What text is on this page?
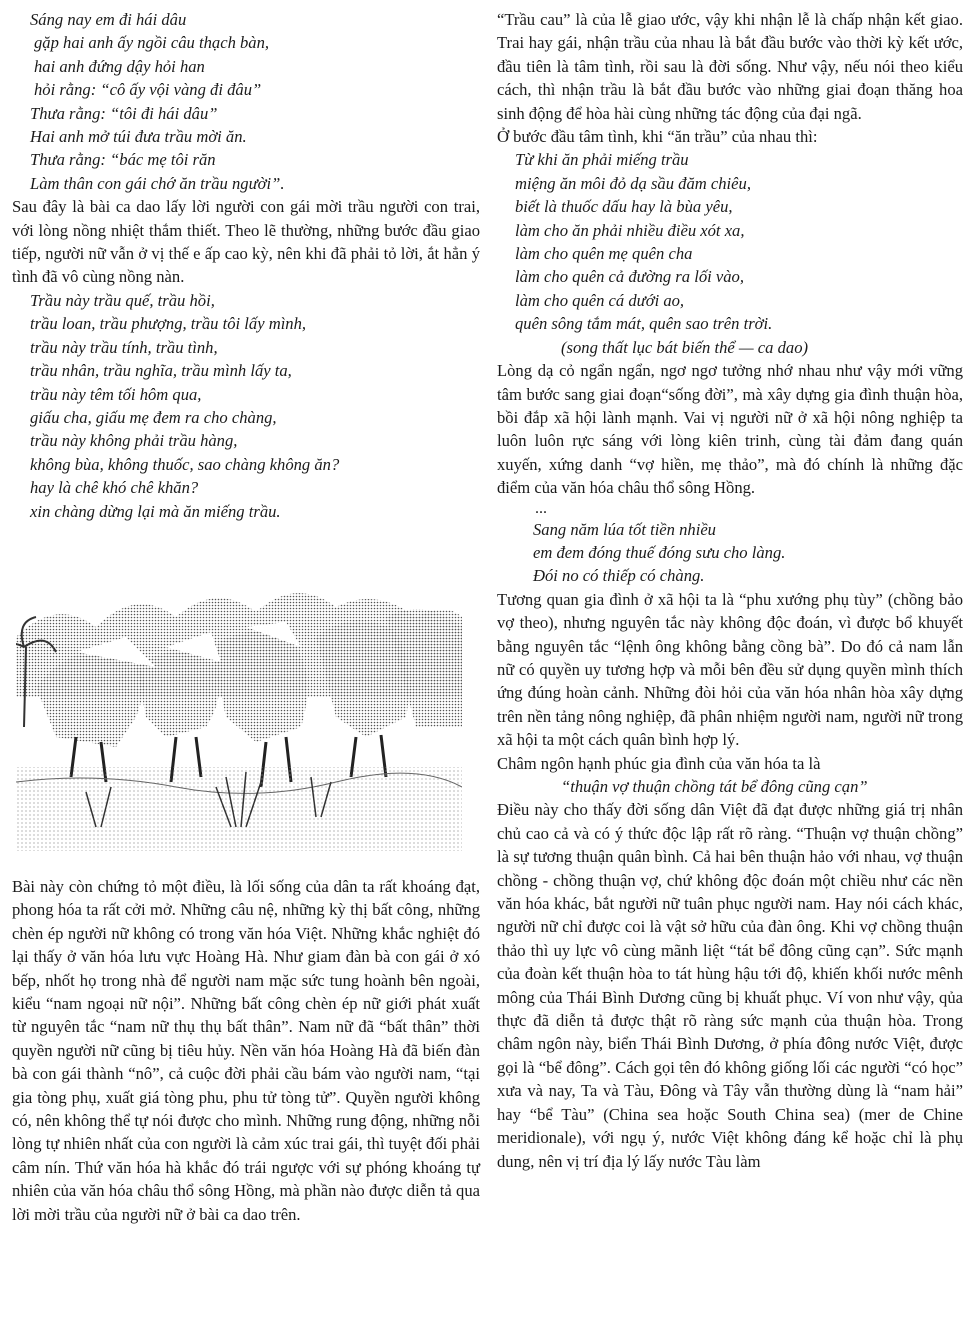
Sáng nay em đi hái dâu

gặp hai anh ấy ngồi câu thạch bàn,

hai anh đứng dậy hỏi han

hỏi rằng: “cô ấy vội vàng đi đâu”

Thưa rằng: “tôi đi hái dâu”

Hai anh mở túi đưa trầu mời ăn.

Thưa rằng: “bác mẹ tôi răn

Làm thân con gái chớ ăn trầu người”.

Sau đây là bài ca dao lấy lời người con gái mời trầu người con trai, với lòng nồng nhiệt thắm thiết. Theo lẽ thường, những bước đầu giao tiếp, người nữ vẫn ở vị thế e ấp cao kỳ, nên khi đã phải tỏ lời, ắt hẳn ý tình đã vô cùng nồng nàn.

Trầu này trầu quế, trầu hồi,

trầu loan, trầu phượng, trầu tôi lấy mình,

trầu này trầu tính, trầu tình,

trầu nhân, trầu nghĩa, trầu mình lấy ta,

trầu này têm tối hôm qua,

giấu cha, giấu mẹ đem ra cho chàng,

trầu này không phải trầu hàng,

không bùa, không thuốc, sao chàng không ăn?

hay là chê khó chê khăn?

xin chàng dừng lại mà ăn miếng trầu.

Bài này còn chứng tỏ một điều, là lối sống của dân ta rất khoáng đạt, phong hóa ta rất cởi mở. Những câu nệ, những kỳ thị bất công, những chèn ép người nữ không có trong văn hóa Việt. Những khắc nghiệt đó lại thấy ở văn hóa lưu vực Hoàng Hà. Như giam đàn bà con gái ở xó bếp, nhốt họ trong nhà để người nam mặc sức tung hoành bên ngoài, kiểu “nam ngoại nữ nội”. Những bất công chèn ép nữ giới phát xuất từ nguyên tắc “nam nữ thụ thụ bất thân”. Nam nữ đã “bất thân” thời quyền người nữ cũng bị tiêu hủy. Nền văn hóa Hoàng Hà đã biến đàn bà con gái thành “nô”, cả cuộc đời phải cầu bám vào người nam, “tại gia tòng phụ, xuất giá tòng phu, phu tử tòng tử”. Quyền người không có, nên không thể tự nói được cho mình. Những rung động, những nỗi lòng tự nhiên nhất của con người là cảm xúc trai gái, thì tuyệt đối phải câm nín. Thứ văn hóa hà khắc đó trái ngược với sự phóng khoáng tự nhiên của văn hóa châu thổ sông Hồng, mà phần nào được diễn tả qua lời mời trầu của người nữ ở bài ca dao trên.

“Trầu cau” là của lễ giao ước, vậy khi nhận lễ là chấp nhận kết giao. Trai hay gái, nhận trầu của nhau là bắt đầu bước vào thời kỳ kết ước, đầu tiên là tâm tình, rồi sau là đời sống. Như vậy, nếu nói theo kiểu cách, thì nhận trầu là bắt đầu bước vào những giai đoạn thăng hoa sinh động để hòa hài cùng những tác động của đại ngã.

Ở bước đầu tâm tình, khi “ăn trầu” của nhau thì:

Từ khi ăn phải miếng trầu

miệng ăn môi đỏ dạ sầu đăm chiêu,

biết là thuốc dấu hay là bùa yêu,

làm cho ăn phải nhiều điều xót xa,

làm cho quên mẹ quên cha

làm cho quên cả đường ra lối vào,

làm cho quên cá dưới ao,

quên sông tắm mát, quên sao trên trời.

(song thất lục bát biến thể — ca dao)

Lòng dạ cỏ ngẩn ngẩn, ngơ ngơ tưởng nhớ nhau như vậy mới vững tâm bước sang giai đoạn“sống đời”, mà xây dựng gia đình thuận hòa, bồi đắp xã hội lành mạnh. Vai vị người nữ ở xã hội nông nghiệp ta luôn luôn rực sáng với lòng kiên trinh, cùng tài đảm đang quán xuyến, xứng danh “vợ hiền, mẹ thảo”, mà đó chính là những đặc điểm của văn hóa châu thổ sông Hồng.

...

Sang năm lúa tốt tiền nhiều

em đem đóng thuế đóng sưu cho làng.

Đói no có thiếp có chàng.

Tương quan gia đình ở xã hội ta là “phu xướng phụ tùy” (chồng bảo vợ theo), nhưng nguyên tắc này không độc đoán, vì được bổ khuyết bằng nguyên tắc “lệnh ông không bằng cồng bà”. Do đó cả nam lẫn nữ có quyền uy tương hợp và mỗi bên đều sử dụng quyền mình thích ứng đúng hoàn cảnh. Những đòi hỏi của văn hóa nhân hòa xây dựng trên nền tảng nông nghiệp, đã phân nhiệm người nam, người nữ trong xã hội ta một cách quân bình hợp lý.

Châm ngôn hạnh phúc gia đình của văn hóa ta là

“thuận vợ thuận chồng tát bể đông cũng cạn”

Điều này cho thấy đời sống dân Việt đã đạt được những giá trị nhân chủ cao cả và có ý thức độc lập rất rõ ràng. “Thuận vợ thuận chồng” là sự tương thuận quân bình. Cả hai bên thuận hảo với nhau, vợ thuận chồng - chồng thuận vợ, chứ không độc đoán một chiều như các nền văn hóa khác, bắt người nữ tuân phục người nam. Hay nói cách khác, người nữ chỉ được coi là vật sở hữu của đàn ông. Khi vợ chồng thuận thảo thì uy lực vô cùng mãnh liệt “tát bể đông cũng cạn”. Sức mạnh của đoàn kết thuận hòa to tát hùng hậu tới độ, khiến khối nước mênh mông của Thái Bình Dương cũng bị khuất phục. Ví von như vậy, qủa thực đã diễn tả được thật rõ ràng sức mạnh của thuận hòa. Trong châm ngôn này, biển Thái Bình Dương, ở phía đông nước Việt, được gọi là “bể đông”. Cách gọi tên đó không giống lối các người “có học” xưa và nay, Ta và Tàu, Đông và Tây vẫn thường dùng là “nam hải” hay “bể Tàu” (China sea hoặc South China sea) (mer de Chine meridionale), với ngụ ý, nước Việt không đáng kể hoặc chỉ là phụ dung, nên vị trí địa lý lấy nước Tàu làm
